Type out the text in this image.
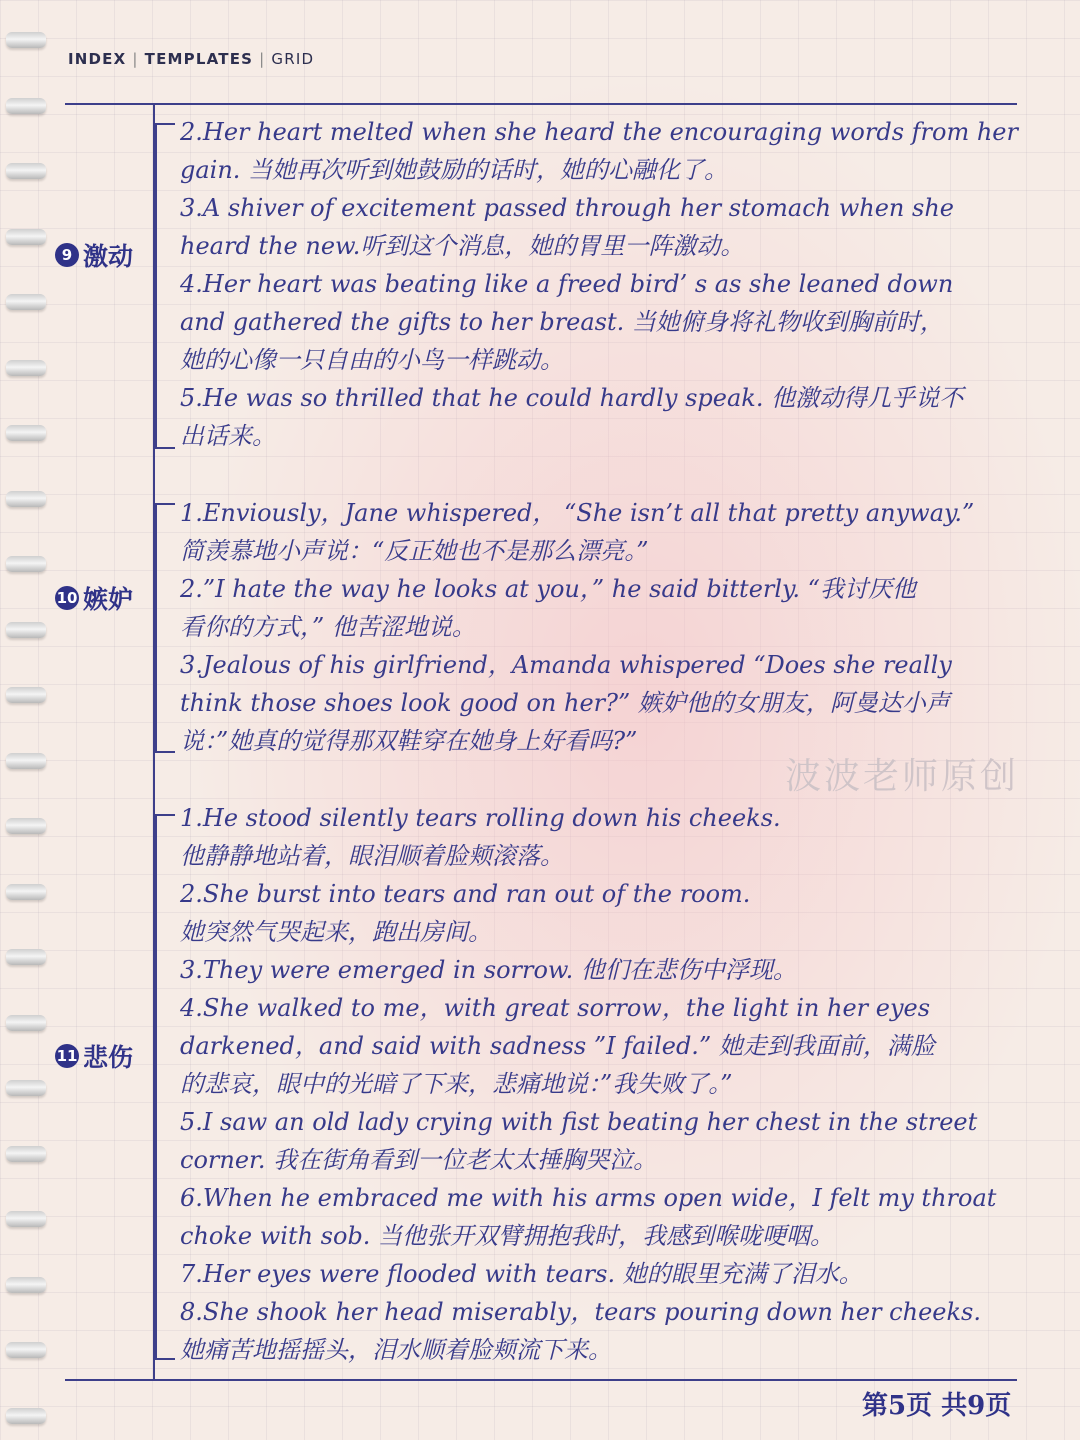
INDEX | TEMPLATES | GRID
9 激动
2.Her heart melted when she heard the encouraging words from her
gain. 当她再次听到她鼓励的话时，她的心融化了。
3.A shiver of excitement passed through her stomach when she
heard the new.听到这个消息，她的胃里一阵激动。
4.Her heart was beating like a freed bird’ s as she leaned down
and gathered the gifts to her breast. 当她俯身将礼物收到胸前时，
她的心像一只自由的小鸟一样跳动。
5.He was so thrilled that he could hardly speak. 他激动得几乎说不
出话来。
10 嫉妒
1.Enviously，Jane whispered， “She isn’t all that pretty anyway.”
简羡慕地小声说：“反正她也不是那么漂亮。”
2.”I hate the way he looks at you，” he said bitterly. “我讨厌他
看你的方式，” 他苦涩地说。
3.Jealous of his girlfriend，Amanda whispered “Does she really
think those shoes look good on her?” 嫉妒他的女朋友，阿曼达小声
说：”她真的觉得那双鞋穿在她身上好看吗?”
波波老师原创
11 悲伤
1.He stood silently tears rolling down his cheeks.
他静静地站着，眼泪顺着脸颊滚落。
2.She burst into tears and ran out of the room.
她突然气哭起来，跑出房间。
3.They were emerged in sorrow. 他们在悲伤中浮现。
4.She walked to me，with great sorrow，the light in her eyes
darkened，and said with sadness ”I failed.” 她走到我面前，满脸
的悲哀，眼中的光暗了下来，悲痛地说：”我失败了。”
5.I saw an old lady crying with fist beating her chest in the street
corner. 我在街角看到一位老太太捶胸哭泣。
6.When he embraced me with his arms open wide，I felt my throat
choke with sob. 当他张开双臂拥抱我时，我感到喉咙哽咽。
7.Her eyes were flooded with tears. 她的眼里充满了泪水。
8.She shook her head miserably，tears pouring down her cheeks.
她痛苦地摇摇头，泪水顺着脸颊流下来。
第5页 共9页
